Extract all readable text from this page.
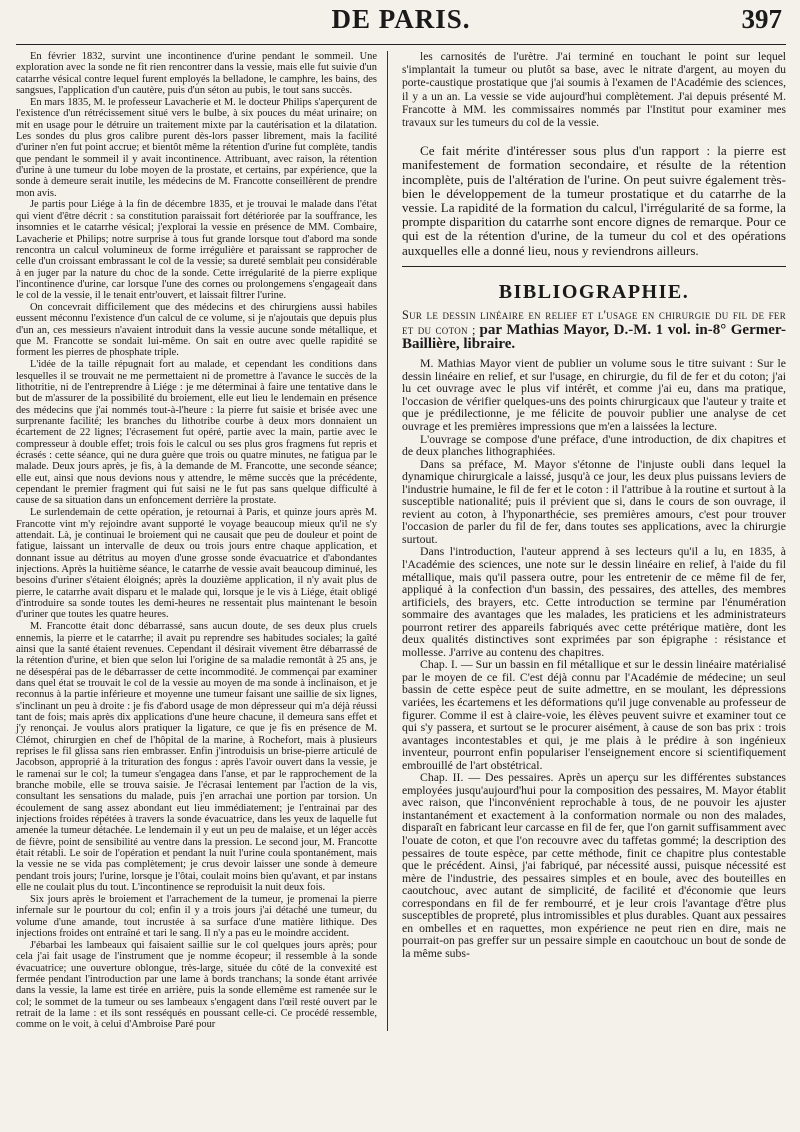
DE PARIS.	397

En février 1832, survint une incontinence d'urine pendant le sommeil. Une exploration avec la sonde ne fit rien rencontrer dans la vessie, mais elle fut suivie d'un catarrhe vésical contre lequel furent employés la belladone, le camphre, les bains, des sangsues, l'application d'un cautère, puis d'un séton au pubis, le tout sans succès.

En mars 1835, M. le professeur Lavacherie et M. le docteur Philips s'aperçurent de l'existence d'un rétrécissement situé vers le bulbe, à six pouces du méat urinaire; on mit en usage pour le détruire un traitement mixte par la cautérisation et la dilatation. Les sondes du plus gros calibre purent dès-lors passer librement, mais la facilité d'uriner n'en fut point accrue; et bientôt même la rétention d'urine fut complète, tandis que pendant le sommeil il y avait incontinence. Attribuant, avec raison, la rétention d'urine à une tumeur du lobe moyen de la prostate, et certains, par expérience, que la sonde à demeure serait inutile, les médecins de M. Francotte conseillèrent de prendre mon avis.

Je partis pour Liége à la fin de décembre 1835, et je trouvai le malade dans l'état qui vient d'être décrit : sa constitution paraissait fort détériorée par la souffrance, les insomnies et le catarrhe vésical; j'explorai la vessie en présence de MM. Combaire, Lavacherie et Philips; notre surprise à tous fut grande lorsque tout d'abord ma sonde rencontra un calcul volumineux de forme irrégulière et paraissant se rapprocher de celle d'un croissant embrassant le col de la vessie; sa dureté semblait peu considérable à en juger par la nature du choc de la sonde. Cette irrégularité de la pierre explique l'incontinence d'urine, car lorsque l'une des cornes ou prolongemens s'engageait dans le col de la vessie, il le tenait entr'ouvert, et laissait filtrer l'urine.

On concevrait difficilement que des médecins et des chirurgiens aussi habiles eussent méconnu l'existence d'un calcul de ce volume, si je n'ajoutais que depuis plus d'un an, ces messieurs n'avaient introduit dans la vessie aucune sonde métallique, et que M. Francotte se sondait lui-même. On sait en outre avec quelle rapidité se forment les pierres de phosphate triple.

L'idée de la taille répugnait fort au malade, et cependant les conditions dans lesquelles il se trouvait ne me permettaient ni de promettre à l'avance le succès de la lithotritie, ni de l'entreprendre à Liége : je me déterminai à faire une tentative dans le but de m'assurer de la possibilité du broiement, elle eut lieu le lendemain en présence des médecins que j'ai nommés tout-à-l'heure : la pierre fut saisie et brisée avec une surprenante facilité; les branches du lithotribe courbe à deux mors donnaient un écartement de 22 lignes; l'écrasement fut opéré, partie avec la main, partie avec le compresseur à double effet; trois fois le calcul ou ses plus gros fragmens fut repris et écrasés : cette séance, qui ne dura guère que trois ou quatre minutes, ne fatigua par le malade. Deux jours après, je fis, à la demande de M. Francotte, une seconde séance; elle eut, ainsi que nous devions nous y attendre, le même succès que la précédente, cependant le premier fragment qui fut saisi ne le fut pas sans quelque difficulté à cause de sa situation dans un enfoncement derrière la prostate.

Le surlendemain de cette opération, je retournai à Paris, et quinze jours après M. Francotte vint m'y rejoindre avant supporté le voyage beaucoup mieux qu'il ne s'y attendait. Là, je continuai le broiement qui ne causait que peu de douleur et point de fatigue, laissant un intervalle de deux ou trois jours entre chaque application, et donnant issue au détritus au moyen d'une grosse sonde évacuatrice et d'abondantes injections. Après la huitième séance, le catarrhe de vessie avait beaucoup diminué, les besoins d'uriner s'étaient éloignés; après la douzième application, il n'y avait plus de pierre, le catarrhe avait disparu et le malade qui, lorsque je le vis à Liége, était obligé d'introduire sa sonde toutes les demi-heures ne ressentait plus maintenant le besoin d'uriner que toutes les quatre heures.

M. Francotte était donc débarrassé, sans aucun doute, de ses deux plus cruels ennemis, la pierre et le catarrhe; il avait pu reprendre ses habitudes sociales; la gaîté ainsi que la santé étaient revenues. Cependant il désirait vivement être débarrassé de la rétention d'urine, et bien que selon lui l'origine de sa maladie remontât à 25 ans, je ne désespérai pas de le débarrasser de cette incommodité. Je commençai par examiner dans quel état se trouvait le col de la vessie au moyen de ma sonde à inclinaison, et je reconnus à la partie inférieure et moyenne une tumeur faisant une saillie de six lignes, s'inclinant un peu à droite : je fis d'abord usage de mon dépresseur qui m'a déjà réussi tant de fois; mais après dix applications d'une heure chacune, il demeura sans effet et j'y renonçai. Je voulus alors pratiquer la ligature, ce que je fis en présence de M. Clémot, chirurgien en chef de l'hôpital de la marine, à Rochefort, mais à plusieurs reprises le fil glissa sans rien embrasser. Enfin j'introduisis un brise-pierre articulé de Jacobson, approprié à la trituration des fongus : après l'avoir ouvert dans la vessie, je le ramenai sur le col; la tumeur s'engagea dans l'anse, et par le rapprochement de la branche mobile, elle se trouva saisie. Je l'écrasai lentement par l'action de la vis, consultant les sensations du malade, puis j'en arrachai une portion par torsion. Un écoulement de sang assez abondant eut lieu immédiatement; je l'entrainai par des injections froides répétées à travers la sonde évacuatrice, dans les yeux de laquelle fut amenée la tumeur détachée. Le lendemain il y eut un peu de malaise, et un léger accès de fièvre, point de sensibilité au ventre dans la pression. Le second jour, M. Francotte était rétabli. Le soir de l'opération et pendant la nuit l'urine coula spontanément, mais la vessie ne se vida pas complètement; je crus devoir laisser une sonde à demeure pendant trois jours; l'urine, lorsque je l'ôtai, coulait moins bien qu'avant, et par instans elle ne coulait plus du tout. L'incontinence se reproduisit la nuit deux fois.

Six jours après le broiement et l'arrachement de la tumeur, je promenai la pierre infernale sur le pourtour du col; enfin il y a trois jours j'ai détaché une tumeur, du volume d'une amande, tout incrustée à sa surface d'une matière lithique. Des injections froides ont entraîné et tari le sang. Il n'y a pas eu le moindre accident.

J'ébarbai les lambeaux qui faisaient saillie sur le col quelques jours après; pour cela j'ai fait usage de l'instrument que je nomme écopeur; il ressemble à la sonde évacuatrice; une ouverture oblongue, très-large, située du côté de la convexité est fermée pendant l'introduction par une lame à bords tranchans; la sonde étant arrivée dans la vessie, la lame est tirée en arrière, puis la sonde ellemême est ramenée sur le col; le sommet de la tumeur ou ses lambeaux s'engagent dans l'œil resté ouvert par le retrait de la lame : et ils sont resséqués en poussant celle-ci. Ce procédé ressemble, comme on le voit, à celui d'Ambroise Paré pour

les carnosités de l'urètre. J'ai terminé en touchant le point sur lequel s'implantait la tumeur ou plutôt sa base, avec le nitrate d'argent, au moyen du porte-caustique prostatique que j'ai soumis à l'examen de l'Académie des sciences, il y a un an. La vessie se vide aujourd'hui complètement. J'ai depuis présenté M. Francotte à MM. les commissaires nommés par l'Institut pour examiner mes travaux sur les tumeurs du col de la vessie.

Ce fait mérite d'intéresser sous plus d'un rapport : la pierre est manifestement de formation secondaire, et résulte de la rétention incomplète, puis de l'altération de l'urine. On peut suivre également très-bien le développement de la tumeur prostatique et du catarrhe de la vessie. La rapidité de la formation du calcul, l'irrégularité de sa forme, la prompte disparition du catarrhe sont encore dignes de remarque. Pour ce qui est de la rétention d'urine, de la tumeur du col et des opérations auxquelles elle a donné lieu, nous y reviendrons ailleurs.

BIBLIOGRAPHIE.
Sur le dessin linéaire en relief et l'usage en chirurgie du fil de fer et du coton ; par Mathias Mayor, D.-M. 1 vol. in-8° Germer-Baillière, libraire.

M. Mathias Mayor vient de publier un volume sous le titre suivant : Sur le dessin linéaire en relief, et sur l'usage, en chirurgie, du fil de fer et du coton; j'ai lu cet ouvrage avec le plus vif intérêt, et comme j'ai eu, dans ma pratique, l'occasion de vérifier quelques-uns des points chirurgicaux que l'auteur y traite et que je prédilectionne, je me félicite de pouvoir publier une analyse de cet ouvrage et les premières impressions que m'en a laissées la lecture.

L'ouvrage se compose d'une préface, d'une introduction, de dix chapitres et de deux planches lithographiées.

Dans sa préface, M. Mayor s'étonne de l'injuste oubli dans lequel la dynamique chirurgicale a laissé, jusqu'à ce jour, les deux plus puissans leviers de l'industrie humaine, le fil de fer et le coton : il l'attribue à la routine et surtout à la susceptible nationalité; puis il prévient que si, dans le cours de son ouvrage, il revient au coton, à l'hyponarthécie, ses premières amours, c'est pour trouver l'occasion de parler du fil de fer, dans toutes ses applications, avec la chirurgie surtout.

Dans l'introduction, l'auteur apprend à ses lecteurs qu'il a lu, en 1835, à l'Académie des sciences, une note sur le dessin linéaire en relief, à l'aide du fil métallique, mais qu'il passera outre, pour les entretenir de ce même fil de fer, appliqué à la confection d'un bassin, des pessaires, des attelles, des membres artificiels, des brayers, etc. Cette introduction se termine par l'énumération sommaire des avantages que les malades, les praticiens et les administrateurs pourront retirer des appareils fabriqués avec cette prétérique matière, dont les deux qualités distinctives sont exprimées par son épigraphe : résistance et mollesse. J'arrive au contenu des chapitres.

Chap. I. — Sur un bassin en fil métallique et sur le dessin linéaire matérialisé par le moyen de ce fil. C'est déjà connu par l'Académie de médecine; un seul bassin de cette espèce peut de suite admettre, en se moulant, les dépressions variées, les écartemens et les déformations qu'il juge convenable au professeur de figurer. Comme il est à claire-voie, les élèves peuvent suivre et examiner tout ce qui s'y passera, et surtout se le procurer aisément, à cause de son bas prix : trois avantages incontestables et qui, je me plais à le prédire à son ingénieux inventeur, pourront enfin populariser l'enseignement encore si scientifiquement embrouillé de l'art obstétrical.

Chap. II. — Des pessaires. Après un aperçu sur les différentes substances employées jusqu'aujourd'hui pour la composition des pessaires, M. Mayor établit avec raison, que l'inconvénient reprochable à tous, de ne pouvoir les ajuster instantanément et exactement à la conformation normale ou non des malades, disparaît en fabricant leur carcasse en fil de fer, que l'on garnit suffisamment avec l'ouate de coton, et que l'on recouvre avec du taffetas gommé; la description des pessaires de toute espèce, par cette méthode, finit ce chapitre plus contestable que le précédent. Ainsi, j'ai fabriqué, par nécessité aussi, puisque nécessité est mère de l'industrie, des pessaires simples et en boule, avec des bouteilles en caoutchouc, avec autant de simplicité, de facilité et d'économie que leurs correspondans en fil de fer rembourré, et je leur crois l'avantage d'être plus susceptibles de propreté, plus intromissibles et plus durables. Quant aux pessaires en ombelles et en raquettes, mon expérience ne peut rien en dire, mais ne pourrait-on pas greffer sur un pessaire simple en caoutchouc un bout de sonde de la même subs-
